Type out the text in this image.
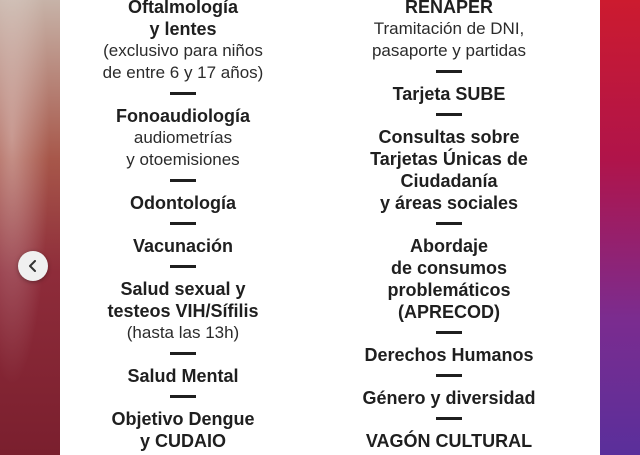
Oftalmología
y lentes
(exclusivo para niños
de entre 6 y 17 años)
Fonoaudiología
audiometrías
y otoemisiones
Odontología
Vacunación
Salud sexual y
testeos VIH/Sífilis
(hasta las 13h)
Salud Mental
Objetivo Dengue
y CUDAIO
RENAPER
Tramitación de DNI,
pasaporte y partidas
Tarjeta SUBE
Consultas sobre
Tarjetas Únicas de
Ciudadanía
y áreas sociales
Abordaje
de consumos
problemáticos
(APRECOD)
Derechos Humanos
Género y diversidad
VAGÓN CULTURAL
